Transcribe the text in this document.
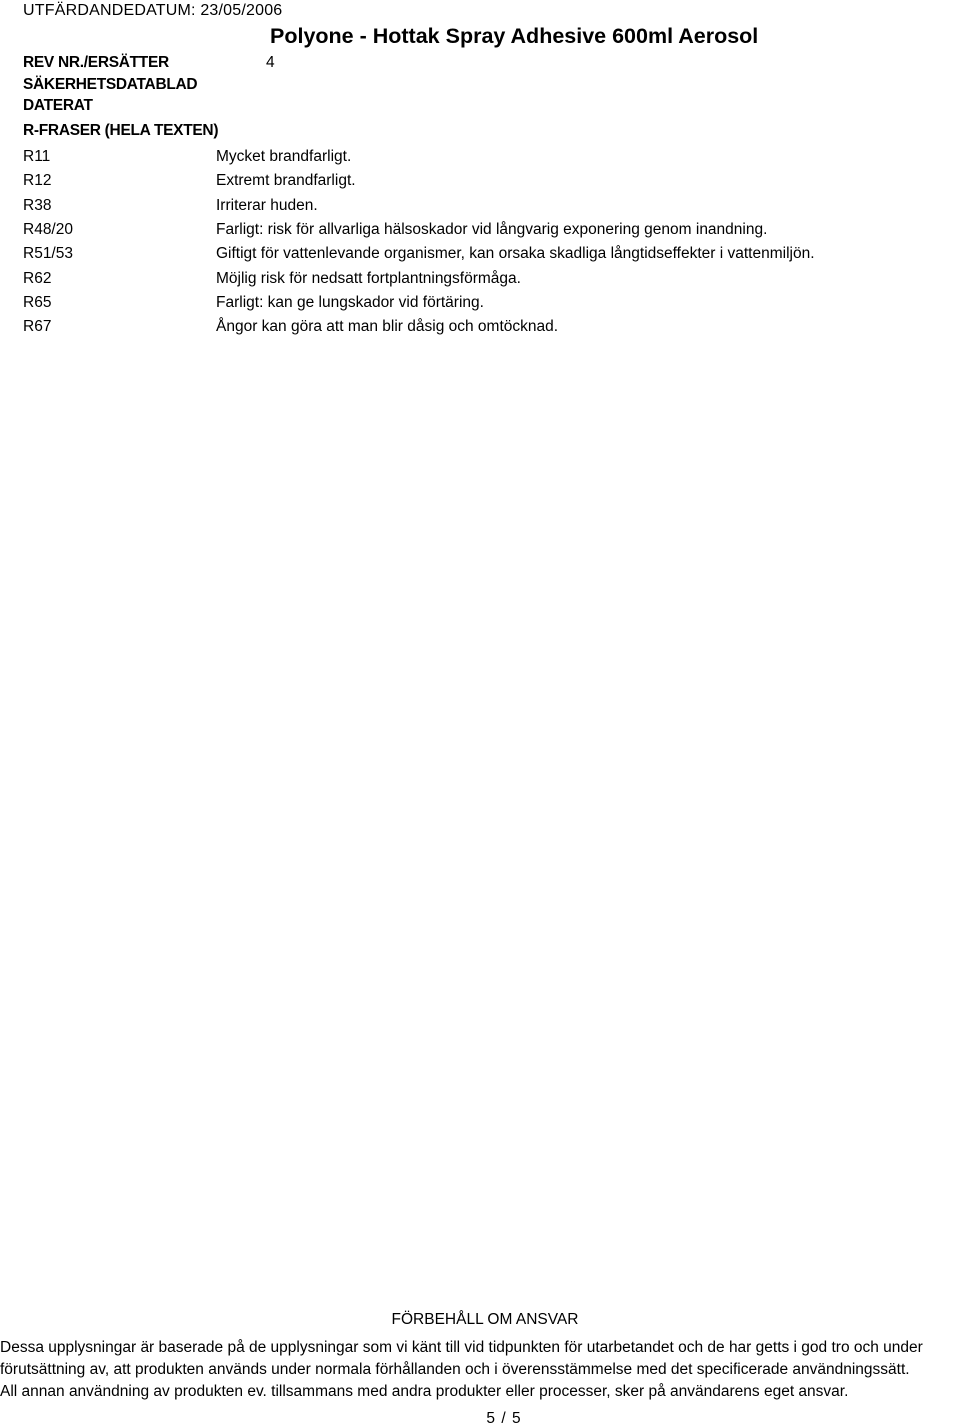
UTFÄRDANDEDATUM: 23/05/2006
Polyone - Hottak Spray Adhesive 600ml Aerosol
REV NR./ERSÄTTER
SÄKERHETSDATABLAD
DATERAT
4
R-FRASER (HELA TEXTEN)
R11	Mycket brandfarligt.
R12	Extremt brandfarligt.
R38	Irriterar huden.
R48/20	Farligt: risk för allvarliga hälsoskador vid långvarig exponering genom inandning.
R51/53	Giftigt för vattenlevande organismer, kan orsaka skadliga långtidseffekter i vattenmiljön.
R62	Möjlig risk för nedsatt fortplantningsförmåga.
R65	Farligt: kan ge lungskador vid förtäring.
R67	Ångor kan göra att man blir dåsig och omtöcknad.
FÖRBEHÅLL OM ANSVAR
Dessa upplysningar är baserade på de upplysningar som vi känt till vid tidpunkten för utarbetandet och de har getts i god tro och under
förutsättning av, att produkten används under normala förhållanden och i överensstämmelse med det specificerade användningssätt.
All annan användning av produkten ev. tillsammans med andra produkter eller processer, sker på användarens eget ansvar.
5 / 5
